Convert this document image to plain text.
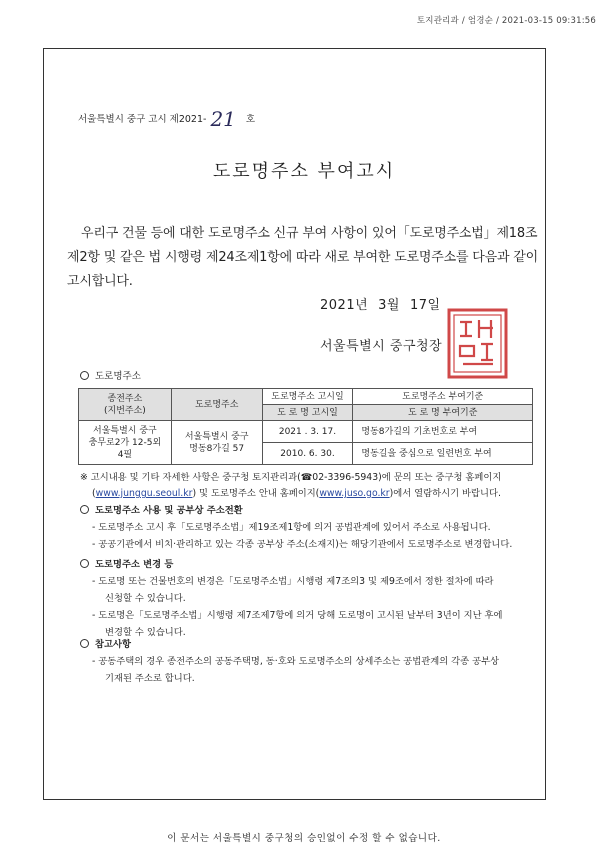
토지관리과 / 엄경순 / 2021-03-15 09:31:56
서울특별시 중구 고시 제2021- 21 호
도로명주소 부여고시
우리구 건물 등에 대한 도로명주소 신규 부여 사항이 있어「도로명주소법」제18조
제2항 및 같은 법 시행령 제24조제1항에 따라 새로 부여한 도로명주소를 다음과 같이
고시합니다.
2021년 3월 17일
서울특별시 중구청장
도로명주소
종전주소
(지번주소)	도로명주소	도로명주소 고시일	도로명주소 부여기준
		도 로 명 고시일	도 로 명 부여기준
서울특별시 중구
충무로2가 12-5외
4필	서울특별시 중구
명동8가길 57	2021 . 3. 17.	명동8가길의 기초번호로 부여
		2010. 6. 30.	명동길을 중심으로 일련번호 부여
※ 고시내용 및 기타 자세한 사항은 중구청 토지관리과(☎02-3396-5943)에 문의 또는 중구청 홈페이지
(www.junggu.seoul.kr) 및 도로명주소 안내 홈페이지(www.juso.go.kr)에서 열람하시기 바랍니다.
도로명주소 사용 및 공부상 주소전환
- 도로명주소 고시 후「도로명주소법」제19조제1항에 의거 공법관계에 있어서 주소로 사용됩니다.
- 공공기관에서 비치·관리하고 있는 각종 공부상 주소(소재지)는 해당기관에서 도로명주소로 변경합니다.
도로명주소 변경 등
- 도로명 또는 건물번호의 변경은「도로명주소법」시행령 제7조의3 및 제9조에서 정한 절차에 따라
신청할 수 있습니다.
- 도로명은「도로명주소법」시행령 제7조제7항에 의거 당해 도로명이 고시된 날부터 3년이 지난 후에
변경할 수 있습니다.
참고사항
- 공동주택의 경우 종전주소의 공동주택명, 동·호와 도로명주소의 상세주소는 공법관계의 각종 공부상
기재된 주소로 합니다.
이 문서는 서울특별시 중구청의 승인없이 수정 할 수 없습니다.
